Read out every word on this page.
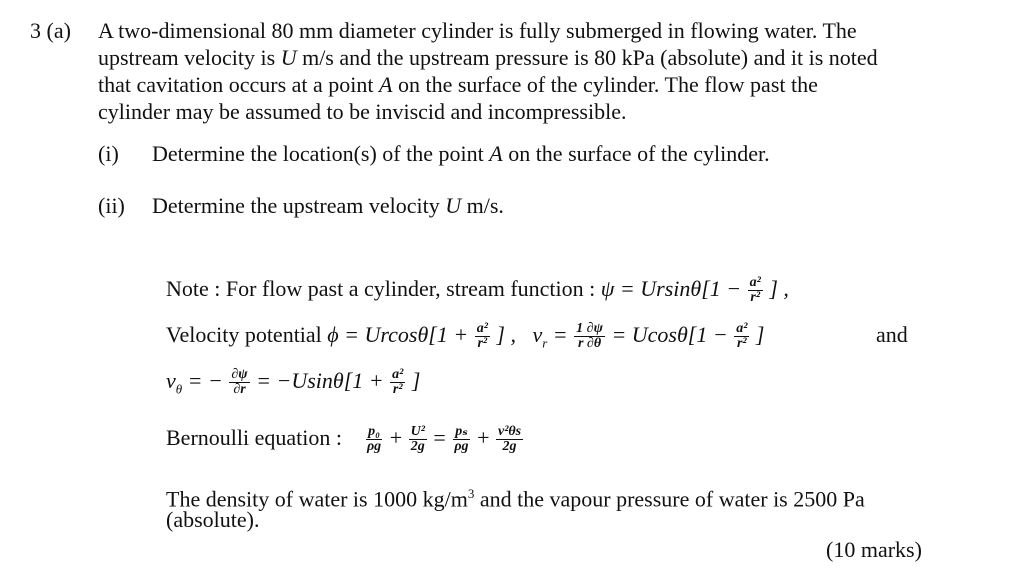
3 (a) A two-dimensional 80 mm diameter cylinder is fully submerged in flowing water. The
upstream velocity is U m/s and the upstream pressure is 80 kPa (absolute) and it is noted
that cavitation occurs at a point A on the surface of the cylinder. The flow past the
cylinder may be assumed to be inviscid and incompressible.
(i) Determine the location(s) of the point A on the surface of the cylinder.
(ii) Determine the upstream velocity U m/s.
Note : For flow past a cylinder, stream function : $\psi = Ursin\theta[1 - \frac{\text{a²}}{\text{r²}}$ ] ,
Velocity potential $\phi = Urcos\theta[1 + \frac{\text{a²}}{\text{r²}}$ ] , $v_r = \frac{1 \partial\psi}{r \partial\theta} = Ucos\theta[1 - \frac{\text{a²}}{\text{r²}}$ ]	and
$v_\theta$ = − $\frac{\partial\psi}{\partial r} = -Usin\theta[1 + \frac{\text{a²}}{\text{r²}}$ ]
Bernoulli equation : $\frac{\text{p₀}}{\rho g} + \frac{\text{U²}}{2g} = \frac{\text{pₛ}}{\rho g} + \frac{\text{v²θs}}{2g}$
The density of water is 1000 $kg/m^3$ and the vapour pressure of water is 2500 Pa
(absolute).
(10 marks)
